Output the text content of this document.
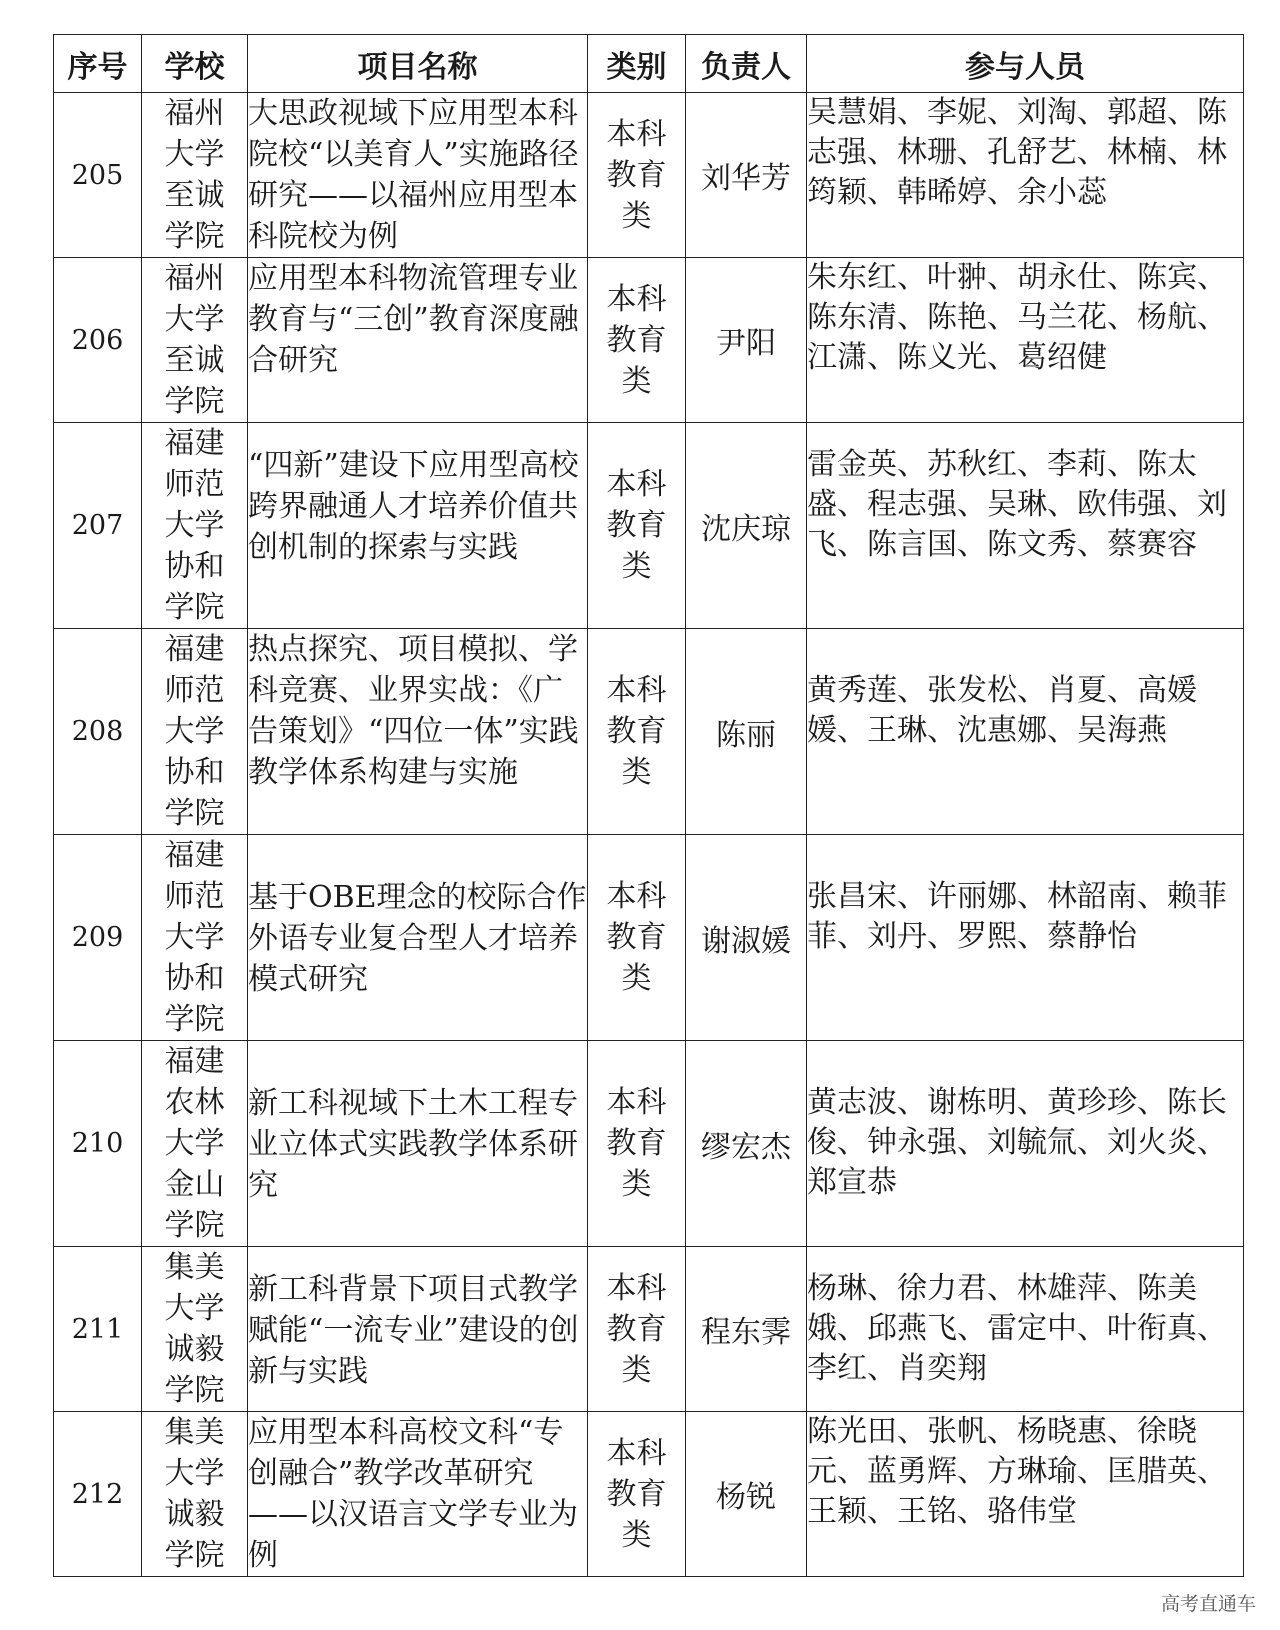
序号	学校	项目名称	类别	负责人	参与人员
205	福州大学至诚学院	大思政视域下应用型本科院校“以美育人”实施路径研究——以福州应用型本科院校为例	本科教育类	刘华芳	吴慧娟、李妮、刘淘、郭超、陈志强、林珊、孔舒艺、林楠、林筠颖、韩晞婷、余小蕊
206	福州大学至诚学院	应用型本科物流管理专业教育与“三创”教育深度融合研究	本科教育类	尹阳	朱东红、叶翀、胡永仕、陈宾、陈东清、陈艳、马兰花、杨航、江潇、陈义光、葛绍健
207	福建师范大学协和学院	“四新”建设下应用型高校跨界融通人才培养价值共创机制的探索与实践	本科教育类	沈庆琼	雷金英、苏秋红、李莉、陈太盛、程志强、吴琳、欧伟强、刘飞、陈言国、陈文秀、蔡赛容
208	福建师范大学协和学院	热点探究、项目模拟、学科竞赛、业界实战：《广告策划》“四位一体”实践教学体系构建与实施	本科教育类	陈丽	黄秀莲、张发松、肖夏、高媛媛、王琳、沈惠娜、吴海燕
209	福建师范大学协和学院	基于OBE理念的校际合作外语专业复合型人才培养模式研究	本科教育类	谢淑媛	张昌宋、许丽娜、林韶南、赖菲菲、刘丹、罗熙、蔡静怡
210	福建农林大学金山学院	新工科视域下土木工程专业立体式实践教学体系研究	本科教育类	缪宏杰	黄志波、谢栋明、黄珍珍、陈长俊、钟永强、刘毓氚、刘火炎、郑宣恭
211	集美大学诚毅学院	新工科背景下项目式教学赋能“一流专业”建设的创新与实践	本科教育类	程东霁	杨琳、徐力君、林雄萍、陈美娥、邱燕飞、雷定中、叶衔真、李红、肖奕翔
212	集美大学诚毅学院	应用型本科高校文科“专创融合”教学改革研究——以汉语言文学专业为例	本科教育类	杨锐	陈光田、张帆、杨晓惠、徐晓元、蓝勇辉、方琳瑜、匡腊英、王颖、王铭、骆伟堂
高考直通车
